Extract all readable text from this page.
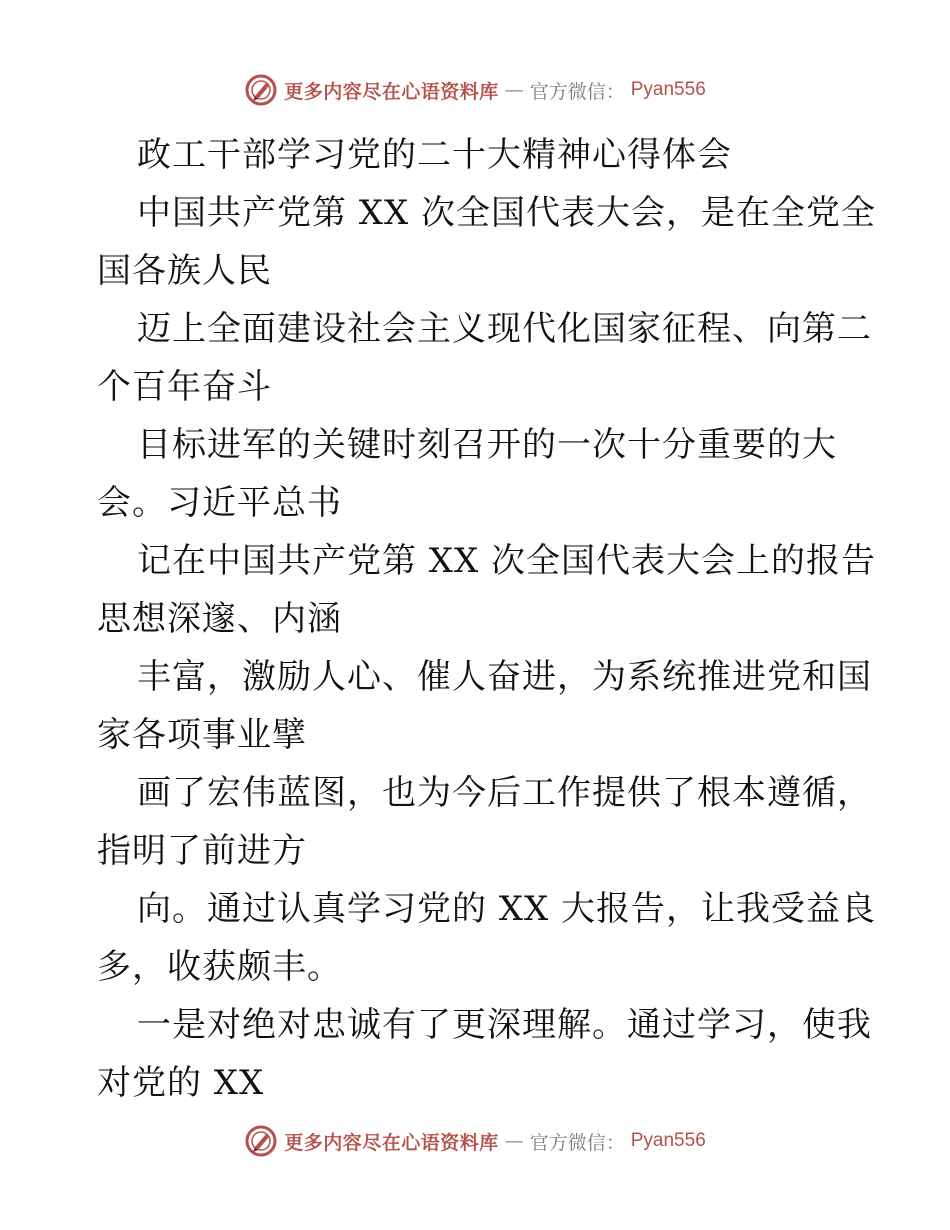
更多内容尽在心语资料库 — 官方微信： Pyan556
政工干部学习党的二十大精神心得体会
中国共产党第 XX 次全国代表大会，是在全党全
国各族人民
迈上全面建设社会主义现代化国家征程、向第二
个百年奋斗
目标进军的关键时刻召开的一次十分重要的大
会。习近平总书
记在中国共产党第 XX 次全国代表大会上的报告
思想深邃、内涵
丰富，激励人心、催人奋进，为系统推进党和国
家各项事业擘
画了宏伟蓝图，也为今后工作提供了根本遵循，
指明了前进方
向。通过认真学习党的 XX 大报告，让我受益良
多，收获颇丰。
一是对绝对忠诚有了更深理解。通过学习，使我
对党的 XX
更多内容尽在心语资料库 — 官方微信： Pyan556
